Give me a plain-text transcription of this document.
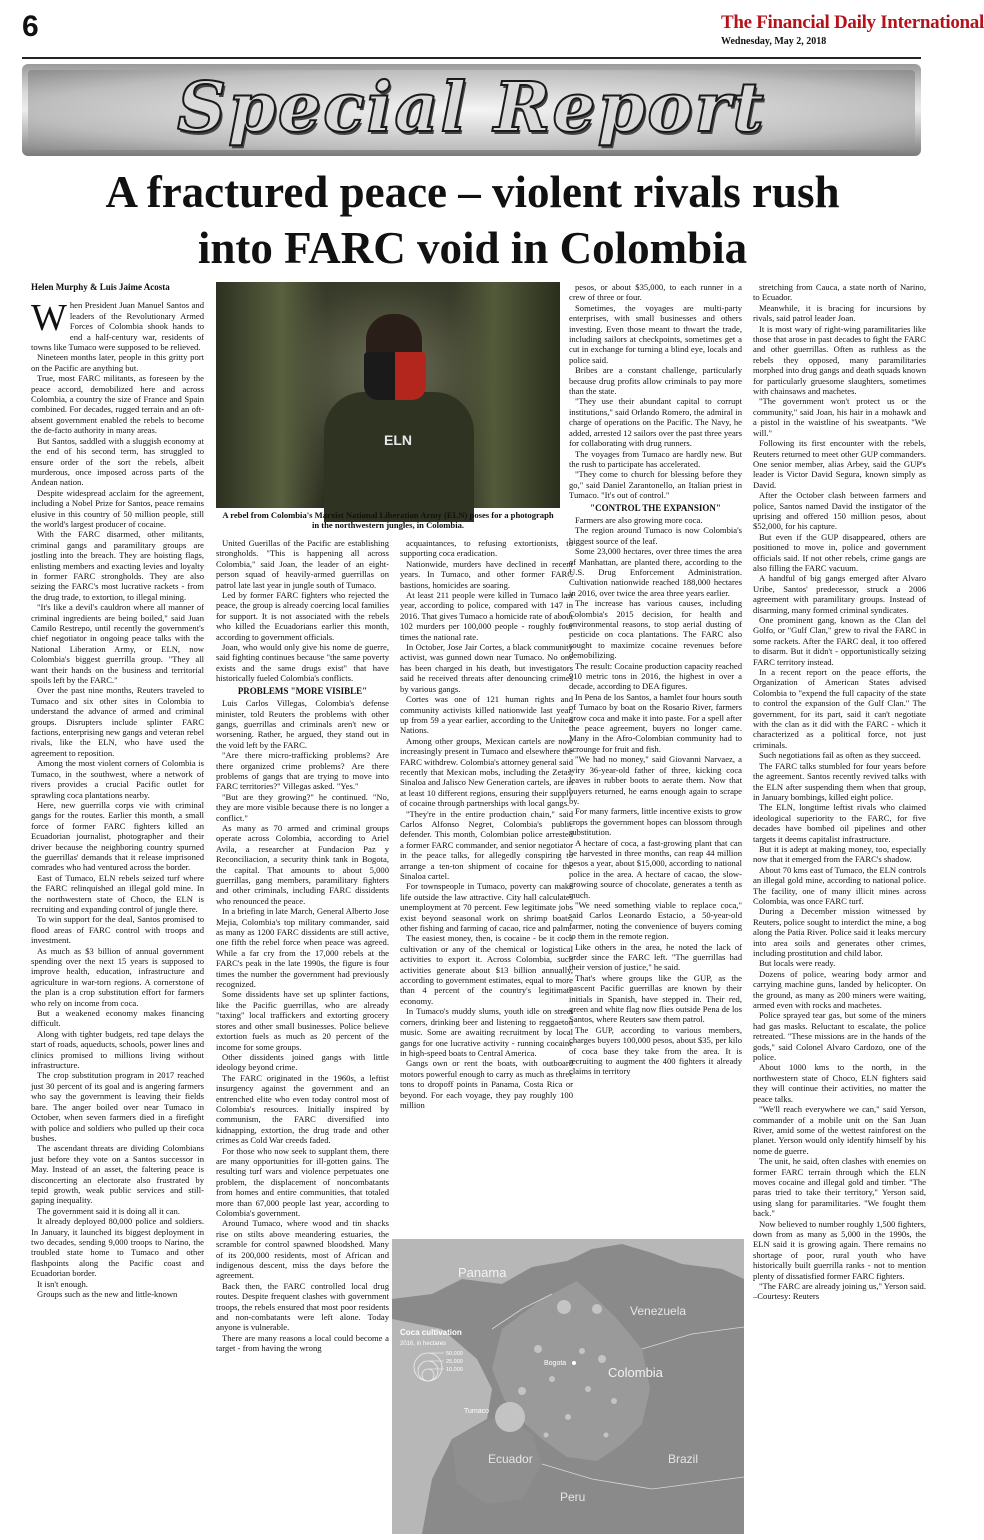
6	The Financial Daily International
Wednesday, May 2, 2018
Special Report
A fractured peace – violent rivals rush
into FARC void in Colombia

Helen Murphy & Luis Jaime Acosta

When President Juan Manuel Santos and leaders of the Revolutionary Armed Forces of Colombia shook hands to end a half-century war, residents of towns like Tumaco were supposed to be relieved.

Nineteen months later, people in this gritty port on the Pacific are anything but.

True, most FARC militants, as foreseen by the peace accord, demobilized here and across Colombia, a country the size of France and Spain combined. For decades, rugged terrain and an oft-absent government enabled the rebels to become the de-facto authority in many areas.

But Santos, saddled with a sluggish economy at the end of his second term, has struggled to ensure order of the sort the rebels, albeit murderous, once imposed across parts of the Andean nation.

Despite widespread acclaim for the agreement, including a Nobel Prize for Santos, peace remains elusive in this country of 50 million people, still the world's largest producer of cocaine.

With the FARC disarmed, other militants, criminal gangs and paramilitary groups are jostling into the breach. They are hoisting flags, enlisting members and exacting levies and loyalty in former FARC strongholds. They are also seizing the FARC's most lucrative rackets - from the drug trade, to extortion, to illegal mining.

"It's like a devil's cauldron where all manner of criminal ingredients are being boiled," said Juan Camilo Restrepo, until recently the government's chief negotiator in ongoing peace talks with the National Liberation Army, or ELN, now Colombia's biggest guerrilla group. "They all want their hands on the business and territorial spoils left by the FARC."

Over the past nine months, Reuters traveled to Tumaco and six other sites in Colombia to understand the advance of armed and criminal groups. Disrupters include splinter FARC factions, enterprising new gangs and veteran rebel rivals, like the ELN, who have used the agreement to reposition.

Among the most violent corners of Colombia is Tumaco, in the southwest, where a network of rivers provides a crucial Pacific outlet for sprawling coca plantations nearby.

Here, new guerrilla corps vie with criminal gangs for the routes. Earlier this month, a small force of former FARC fighters killed an Ecuadorian journalist, photographer and their driver because the neighboring country spurned the guerrillas' demands that it release imprisoned comrades who had ventured across the border.

East of Tumaco, ELN rebels seized turf where the FARC relinquished an illegal gold mine. In the northwestern state of Choco, the ELN is recruiting and expanding control of jungle there.

To win support for the deal, Santos promised to flood areas of FARC control with troops and investment.

As much as $3 billion of annual government spending over the next 15 years is supposed to improve health, education, infrastructure and agriculture in war-torn regions. A cornerstone of the plan is a crop substitution effort for farmers who rely on income from coca.

But a weakened economy makes financing difficult.

Along with tighter budgets, red tape delays the start of roads, aqueducts, schools, power lines and clinics promised to millions living without infrastructure.

The crop substitution program in 2017 reached just 30 percent of its goal and is angering farmers who say the government is leaving their fields bare. The anger boiled over near Tumaco in October, when seven farmers died in a firefight with police and soldiers who pulled up their coca bushes.

The ascendant threats are dividing Colombians just before they vote on a Santos successor in May. Instead of an asset, the faltering peace is disconcerting an electorate also frustrated by tepid growth, weak public services and still-gaping inequality.

The government said it is doing all it can.

It already deployed 80,000 police and soldiers. In January, it launched its biggest deployment in two decades, sending 9,000 troops to Narino, the troubled state home to Tumaco and other flashpoints along the Pacific coast and Ecuadorian border.

It isn't enough.

Groups such as the new and little-known

ELN
A rebel from Colombia's Marxist National Liberation Army (ELN) poses for a photograph in the northwestern jungles, in Colombia.

United Guerillas of the Pacific are establishing strongholds. "This is happening all across Colombia," said Joan, the leader of an eight-person squad of heavily-armed guerrillas on patrol late last year in jungle south of Tumaco.

Led by former FARC fighters who rejected the peace, the group is already coercing local families for support. It is not associated with the rebels who killed the Ecuadorians earlier this month, according to government officials.

Joan, who would only give his nome de guerre, said fighting continues because "the same poverty exists and the same drugs exist" that have historically fueled Colombia's conflicts.

PROBLEMS "MORE VISIBLE"

Luis Carlos Villegas, Colombia's defense minister, told Reuters the problems with other gangs, guerrillas and criminals aren't new or worsening. Rather, he argued, they stand out in the void left by the FARC.

"Are there micro-trafficking problems? Are there organized crime problems? Are there problems of gangs that are trying to move into FARC territories?" Villegas asked. "Yes."

"But are they growing?" he continued. "No, they are more visible because there is no longer a conflict."

As many as 70 armed and criminal groups operate across Colombia, according to Ariel Avila, a researcher at Fundacion Paz y Reconciliacion, a security think tank in Bogota, the capital. That amounts to about 5,000 guerrillas, gang members, paramilitary fighters and other criminals, including FARC dissidents who renounced the peace.

In a briefing in late March, General Alberto Jose Mejia, Colombia's top military commander, said as many as 1200 FARC dissidents are still active, one fifth the rebel force when peace was agreed. While a far cry from the 17,000 rebels at the FARC's peak in the late 1990s, the figure is four times the number the government had previously recognized.

Some dissidents have set up splinter factions, like the Pacific guerrillas, who are already "taxing" local traffickers and extorting grocery stores and other small businesses. Police believe extortion fuels as much as 20 percent of the income for some groups.

Other dissidents joined gangs with little ideology beyond crime.

The FARC originated in the 1960s, a leftist insurgency against the government and an entrenched elite who even today control most of Colombia's resources. Initially inspired by communism, the FARC diversified into kidnapping, extortion, the drug trade and other crimes as Cold War creeds faded.

For those who now seek to supplant them, there are many opportunities for ill-gotten gains. The resulting turf wars and violence perpetuates one problem, the displacement of noncombatants from homes and entire communities, that totaled more than 67,000 people last year, according to Colombia's government.

Around Tumaco, where wood and tin shacks rise on stilts above meandering estuaries, the scramble for control spawned bloodshed. Many of its 200,000 residents, most of African and indigenous descent, miss the days before the agreement.

Back then, the FARC controlled local drug routes. Despite frequent clashes with government troops, the rebels ensured that most poor residents and non-combatants were left alone. Today anyone is vulnerable.

There are many reasons a local could become a target - from having the wrong

acquaintances, to refusing extortionists, to supporting coca eradication.

Nationwide, murders have declined in recent years. In Tumaco, and other former FARC bastions, homicides are soaring.

At least 211 people were killed in Tumaco last year, according to police, compared with 147 in 2016. That gives Tumaco a homicide rate of about 102 murders per 100,000 people - roughly four times the national rate.

In October, Jose Jair Cortes, a black community activist, was gunned down near Tumaco. No one has been charged in his death, but investigators said he received threats after denouncing crimes by various gangs.

Cortes was one of 121 human rights and community activists killed nationwide last year, up from 59 a year earlier, according to the United Nations.

Among other groups, Mexican cartels are now increasingly present in Tumaco and elsewhere the FARC withdrew. Colombia's attorney general said recently that Mexican mobs, including the Zetas, Sinaloa and Jalisco New Generation cartels, are in at least 10 different regions, ensuring their supply of cocaine through partnerships with local gangs.

"They're in the entire production chain," said Carlos Alfonso Negret, Colombia's public defender. This month, Colombian police arrested a former FARC commander, and senior negotiator in the peace talks, for allegedly conspiring to arrange a ten-ton shipment of cocaine for the Sinaloa cartel.

For townspeople in Tumaco, poverty can make life outside the law attractive. City hall calculates unemployment at 70 percent. Few legitimate jobs exist beyond seasonal work on shrimp boats, other fishing and farming of cacao, rice and palm.

The easiest money, then, is cocaine - be it coca cultivation or any of the chemical or logistical activities to export it. Across Colombia, such activities generate about $13 billion annually, according to government estimates, equal to more than 4 percent of the country's legitimate economy.

In Tumaco's muddy slums, youth idle on street corners, drinking beer and listening to reggaeton music. Some are awaiting recruitment by local gangs for one lucrative activity - running cocaine in high-speed boats to Central America.

Gangs own or rent the boats, with outboard motors powerful enough to carry as much as three tons to dropoff points in Panama, Costa Rica or beyond. For each voyage, they pay roughly 100 million

pesos, or about $35,000, to each runner in a crew of three or four.

Sometimes, the voyages are multi-party enterprises, with small businesses and others investing. Even those meant to thwart the trade, including sailors at checkpoints, sometimes get a cut in exchange for turning a blind eye, locals and police said.

Bribes are a constant challenge, particularly because drug profits allow criminals to pay more than the state.

"They use their abundant capital to corrupt institutions," said Orlando Romero, the admiral in charge of operations on the Pacific. The Navy, he added, arrested 12 sailors over the past three years for collaborating with drug runners.

The voyages from Tumaco are hardly new. But the rush to participate has accelerated.

"They come to church for blessing before they go," said Daniel Zarantonello, an Italian priest in Tumaco. "It's out of control."

"CONTROL THE EXPANSION"

Farmers are also growing more coca.

The region around Tumaco is now Colombia's biggest source of the leaf.

Some 23,000 hectares, over three times the area of Manhattan, are planted there, according to the U.S. Drug Enforcement Administration. Cultivation nationwide reached 188,000 hectares in 2016, over twice the area three years earlier.

The increase has various causes, including Colombia's 2015 decision, for health and environmental reasons, to stop aerial dusting of pesticide on coca plantations. The FARC also sought to maximize cocaine revenues before demobilizing.

The result: Cocaine production capacity reached 910 metric tons in 2016, the highest in over a decade, according to DEA figures.

In Pena de los Santos, a hamlet four hours south of Tumaco by boat on the Rosario River, farmers grow coca and make it into paste. For a spell after the peace agreement, buyers no longer came. Many in the Afro-Colombian community had to scrounge for fruit and fish.

"We had no money," said Giovanni Narvaez, a wiry 36-year-old father of three, kicking coca leaves in rubber boots to aerate them. Now that buyers returned, he earns enough again to scrape by.

For many farmers, little incentive exists to grow crops the government hopes can blossom through substitution.

A hectare of coca, a fast-growing plant that can be harvested in three months, can reap 44 million pesos a year, about $15,000, according to national police in the area. A hectare of cacao, the slow-growing source of chocolate, generates a tenth as much.

"We need something viable to replace coca," said Carlos Leonardo Estacio, a 50-year-old farmer, noting the convenience of buyers coming to them in the remote region.

Like others in the area, he noted the lack of order since the FARC left. "The guerrillas had their version of justice," he said.

That's where groups like the GUP, as the nascent Pacific guerrillas are known by their initials in Spanish, have stepped in. Their red, green and white flag now flies outside Pena de los Santos, where Reuters saw them patrol.

The GUP, according to various members, charges buyers 100,000 pesos, about $35, per kilo of coca base they take from the area. It is recruiting to augment the 400 fighters it already claims in territory

stretching from Cauca, a state north of Narino, to Ecuador.

Meanwhile, it is bracing for incursions by rivals, said patrol leader Joan.

It is most wary of right-wing paramilitaries like those that arose in past decades to fight the FARC and other guerrillas. Often as ruthless as the rebels they opposed, many paramilitaries morphed into drug gangs and death squads known for particularly gruesome slaughters, sometimes with chainsaws and machetes.

"The government won't protect us or the community," said Joan, his hair in a mohawk and a pistol in the waistline of his sweatpants. "We will."

Following its first encounter with the rebels, Reuters returned to meet other GUP commanders. One senior member, alias Arbey, said the GUP's leader is Victor David Segura, known simply as David.

After the October clash between farmers and police, Santos named David the instigator of the uprising and offered 150 million pesos, about $52,000, for his capture.

But even if the GUP disappeared, others are positioned to move in, police and government officials said. If not other rebels, crime gangs are also filling the FARC vacuum.

A handful of big gangs emerged after Alvaro Uribe, Santos' predecessor, struck a 2006 agreement with paramilitary groups. Instead of disarming, many formed criminal syndicates.

One prominent gang, known as the Clan del Golfo, or "Gulf Clan," grew to rival the FARC in some rackets. After the FARC deal, it too offered to disarm. But it didn't - opportunistically seizing FARC territory instead.

In a recent report on the peace efforts, the Organization of American States advised Colombia to "expend the full capacity of the state to control the expansion of the Gulf Clan." The government, for its part, said it can't negotiate with the clan as it did with the FARC - which it characterized as a political force, not just criminals.

Such negotiations fail as often as they succeed.

The FARC talks stumbled for four years before the agreement. Santos recently revived talks with the ELN after suspending them when that group, in January bombings, killed eight police.

The ELN, longtime leftist rivals who claimed ideological superiority to the FARC, for five decades have bombed oil pipelines and other targets it deems capitalist infrastructure.

But it is adept at making money, too, especially now that it emerged from the FARC's shadow.

About 70 kms east of Tumaco, the ELN controls an illegal gold mine, according to national police. The facility, one of many illicit mines across Colombia, was once FARC turf.

During a December mission witnessed by Reuters, police sought to interdict the mine, a bog along the Patia River. Police said it leaks mercury into area soils and generates other crimes, including prostitution and child labor.

But locals were ready.

Dozens of police, wearing body armor and carrying machine guns, landed by helicopter. On the ground, as many as 200 miners were waiting, armed even with rocks and machetes.

Police sprayed tear gas, but some of the miners had gas masks. Reluctant to escalate, the police retreated. "These missions are in the hands of the gods," said Colonel Alvaro Cardozo, one of the police.

About 1000 kms to the north, in the northwestern state of Choco, ELN fighters said they will continue their activities, no matter the peace talks.

"We'll reach everywhere we can," said Yerson, commander of a mobile unit on the San Juan River, amid some of the wettest rainforest on the planet. Yerson would only identify himself by his nome de guerre.

The unit, he said, often clashes with enemies on former FARC terrain through which the ELN moves cocaine and illegal gold and timber. "The paras tried to take their territory," Yerson said, using slang for paramilitaries. "We fought them back."

Now believed to number roughly 1,500 fighters, down from as many as 5,000 in the 1990s, the ELN said it is growing again. There remains no shortage of poor, rural youth who have historically built guerrilla ranks - not to mention plenty of dissatisfied former FARC fighters.

"The FARC are already joining us," Yerson said. –Courtesy: Reuters

Coca cultivation
2016, in hectares
50,000
25,000
10,000
Panama
Venezuela
Colombia
Bogota
Tumaco
Ecuador	Brazil
Peru
